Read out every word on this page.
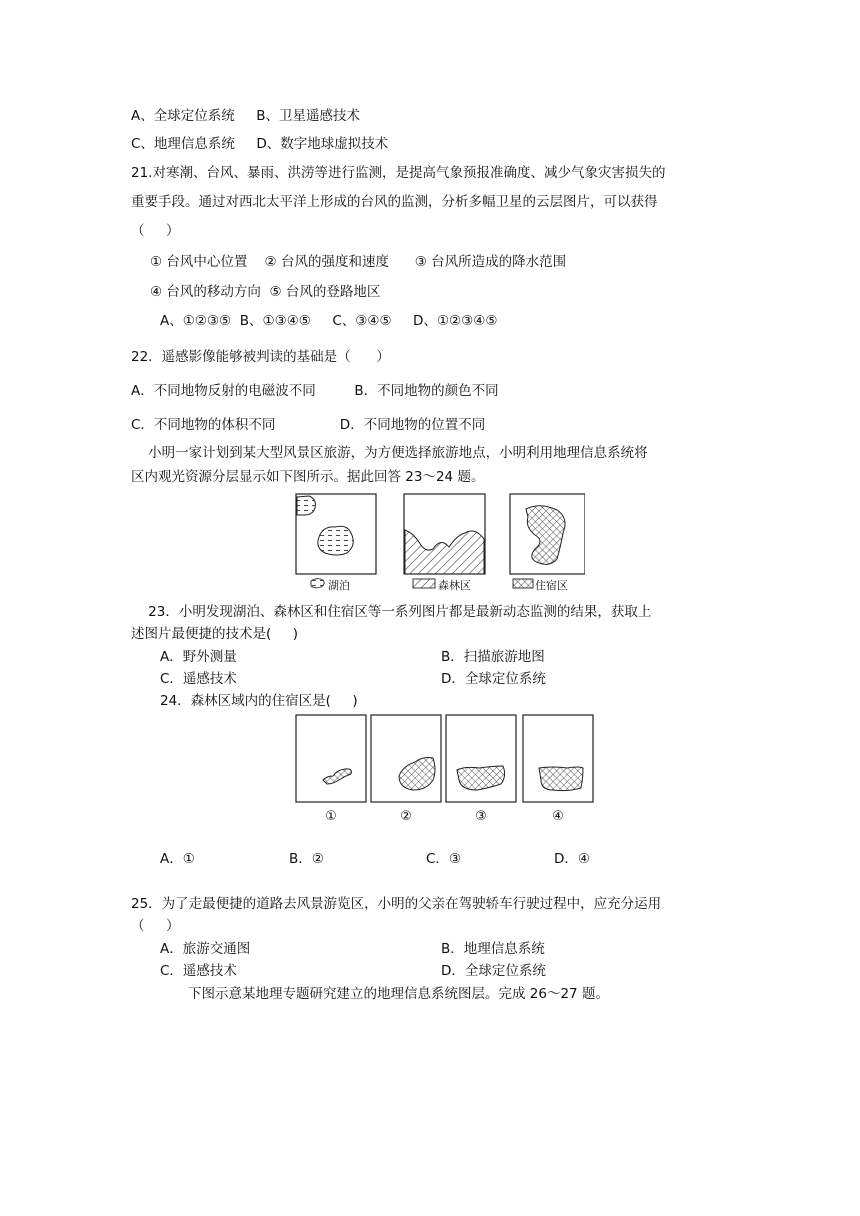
A、全球定位系统     B、卫星遥感技术
C、地理信息系统     D、数字地球虚拟技术
21.对寒潮、台风、暴雨、洪涝等进行监测，是提高气象预报准确度、减少气象灾害损失的
重要手段。通过对西北太平洋上形成的台风的监测，分析多幅卫星的云层图片，可以获得
（     ）
① 台风中心位置    ② 台风的强度和速度      ③ 台风所造成的降水范围
④ 台风的移动方向  ⑤ 台风的登路地区
A、①②③⑤  B、①③④⑤     C、③④⑤     D、①②③④⑤
22．遥感影像能够被判读的基础是（      ）
A．不同地物反射的电磁波不同         B．不同地物的颜色不同
C．不同地物的体积不同               D．不同地物的位置不同
小明一家计划到某大型风景区旅游，为方便选择旅游地点，小明利用地理信息系统将
区内观光资源分层显示如下图所示。据此回答 23～24 题。
湖泊	森林区	住宿区
23．小明发现湖泊、森林区和住宿区等一系列图片都是最新动态监测的结果，获取上
述图片最便捷的技术是(     )
A．野外测量	B．扫描旅游地图
C．遥感技术	D．全球定位系统
24．森林区域内的住宿区是(     )
①	②	③	④
A．①	B．②	C．③	D．④
25．为了走最便捷的道路去风景游览区，小明的父亲在驾驶轿车行驶过程中，应充分运用
（     ）
A．旅游交通图	B．地理信息系统
C．遥感技术	D．全球定位系统
下图示意某地理专题研究建立的地理信息系统图层。完成 26～27 题。
